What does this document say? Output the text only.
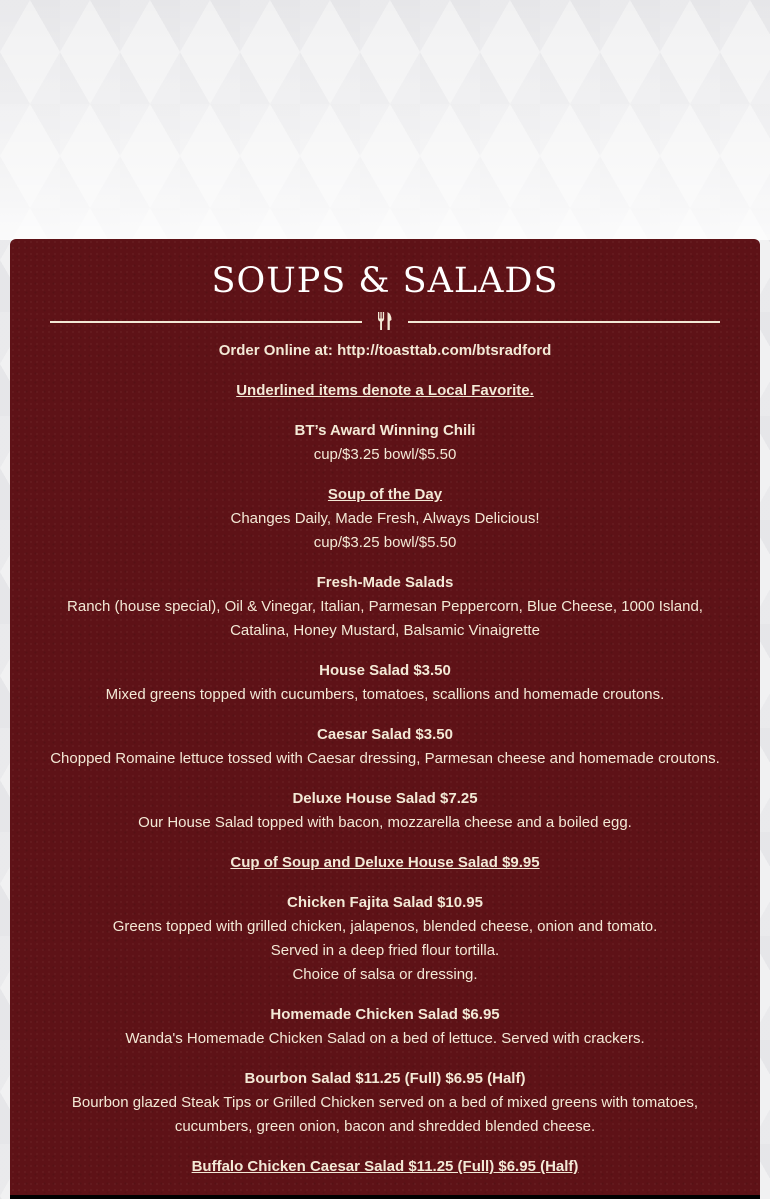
SOUPS & SALADS

Order Online at: http://toasttab.com/btsradford

Underlined items denote a Local Favorite.

BT’s Award Winning Chili
cup/$3.25 bowl/$5.50

Soup of the Day
Changes Daily, Made Fresh, Always Delicious!
cup/$3.25 bowl/$5.50

Fresh-Made Salads
Ranch (house special), Oil & Vinegar, Italian, Parmesan Peppercorn, Blue Cheese, 1000 Island, Catalina, Honey Mustard, Balsamic Vinaigrette

House Salad $3.50
Mixed greens topped with cucumbers, tomatoes, scallions and homemade croutons.

Caesar Salad $3.50
Chopped Romaine lettuce tossed with Caesar dressing, Parmesan cheese and homemade croutons.

Deluxe House Salad $7.25
Our House Salad topped with bacon, mozzarella cheese and a boiled egg.

Cup of Soup and Deluxe House Salad $9.95

Chicken Fajita Salad $10.95
Greens topped with grilled chicken, jalapenos, blended cheese, onion and tomato.
Served in a deep fried flour tortilla.
Choice of salsa or dressing.

Homemade Chicken Salad $6.95
Wanda's Homemade Chicken Salad on a bed of lettuce. Served with crackers.

Bourbon Salad $11.25 (Full) $6.95 (Half)
Bourbon glazed Steak Tips or Grilled Chicken served on a bed of mixed greens with tomatoes, cucumbers, green onion, bacon and shredded blended cheese.

Buffalo Chicken Caesar Salad $11.25 (Full) $6.95 (Half)
